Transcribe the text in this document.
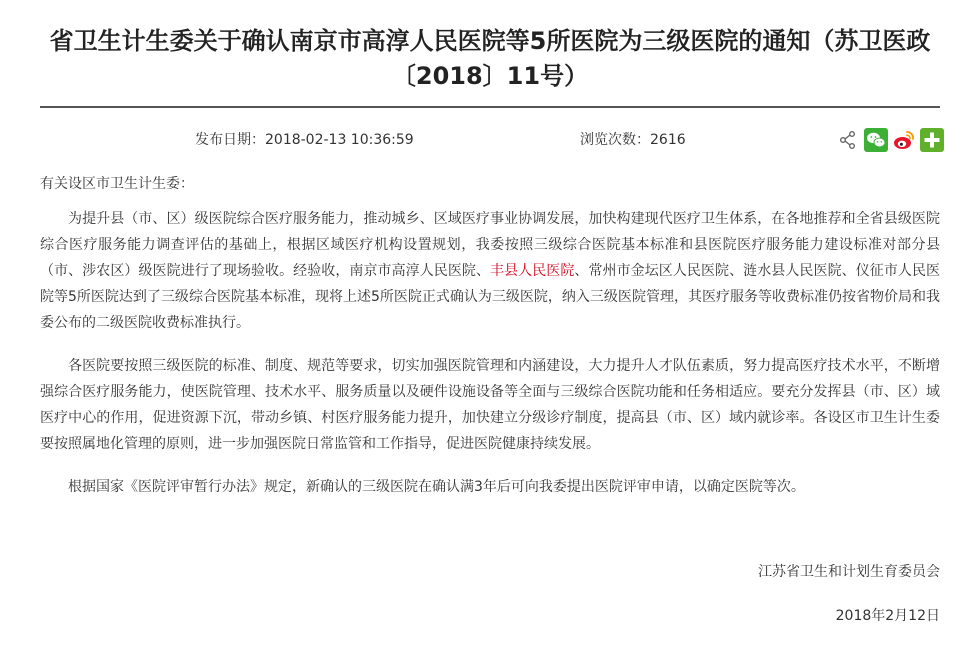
省卫生计生委关于确认南京市高淳人民医院等5所医院为三级医院的通知（苏卫医政〔2018〕11号）
发布日期：2018-02-13 10:36:59	浏览次数：2616

有关设区市卫生计生委：

为提升县（市、区）级医院综合医疗服务能力，推动城乡、区域医疗事业协调发展，加快构建现代医疗卫生体系，在各地推荐和全省县级医院综合医疗服务能力调查评估的基础上，根据区域医疗机构设置规划，我委按照三级综合医院基本标准和县医院医疗服务能力建设标准对部分县（市、涉农区）级医院进行了现场验收。经验收，南京市高淳人民医院、丰县人民医院、常州市金坛区人民医院、涟水县人民医院、仪征市人民医院等5所医院达到了三级综合医院基本标准，现将上述5所医院正式确认为三级医院，纳入三级医院管理，其医疗服务等收费标准仍按省物价局和我委公布的二级医院收费标准执行。

各医院要按照三级医院的标准、制度、规范等要求，切实加强医院管理和内涵建设，大力提升人才队伍素质，努力提高医疗技术水平，不断增强综合医疗服务能力，使医院管理、技术水平、服务质量以及硬件设施设备等全面与三级综合医院功能和任务相适应。要充分发挥县（市、区）域医疗中心的作用，促进资源下沉，带动乡镇、村医疗服务能力提升，加快建立分级诊疗制度，提高县（市、区）域内就诊率。各设区市卫生计生委要按照属地化管理的原则，进一步加强医院日常监管和工作指导，促进医院健康持续发展。

根据国家《医院评审暂行办法》规定，新确认的三级医院在确认满3年后可向我委提出医院评审申请，以确定医院等次。

江苏省卫生和计划生育委员会
2018年2月12日
